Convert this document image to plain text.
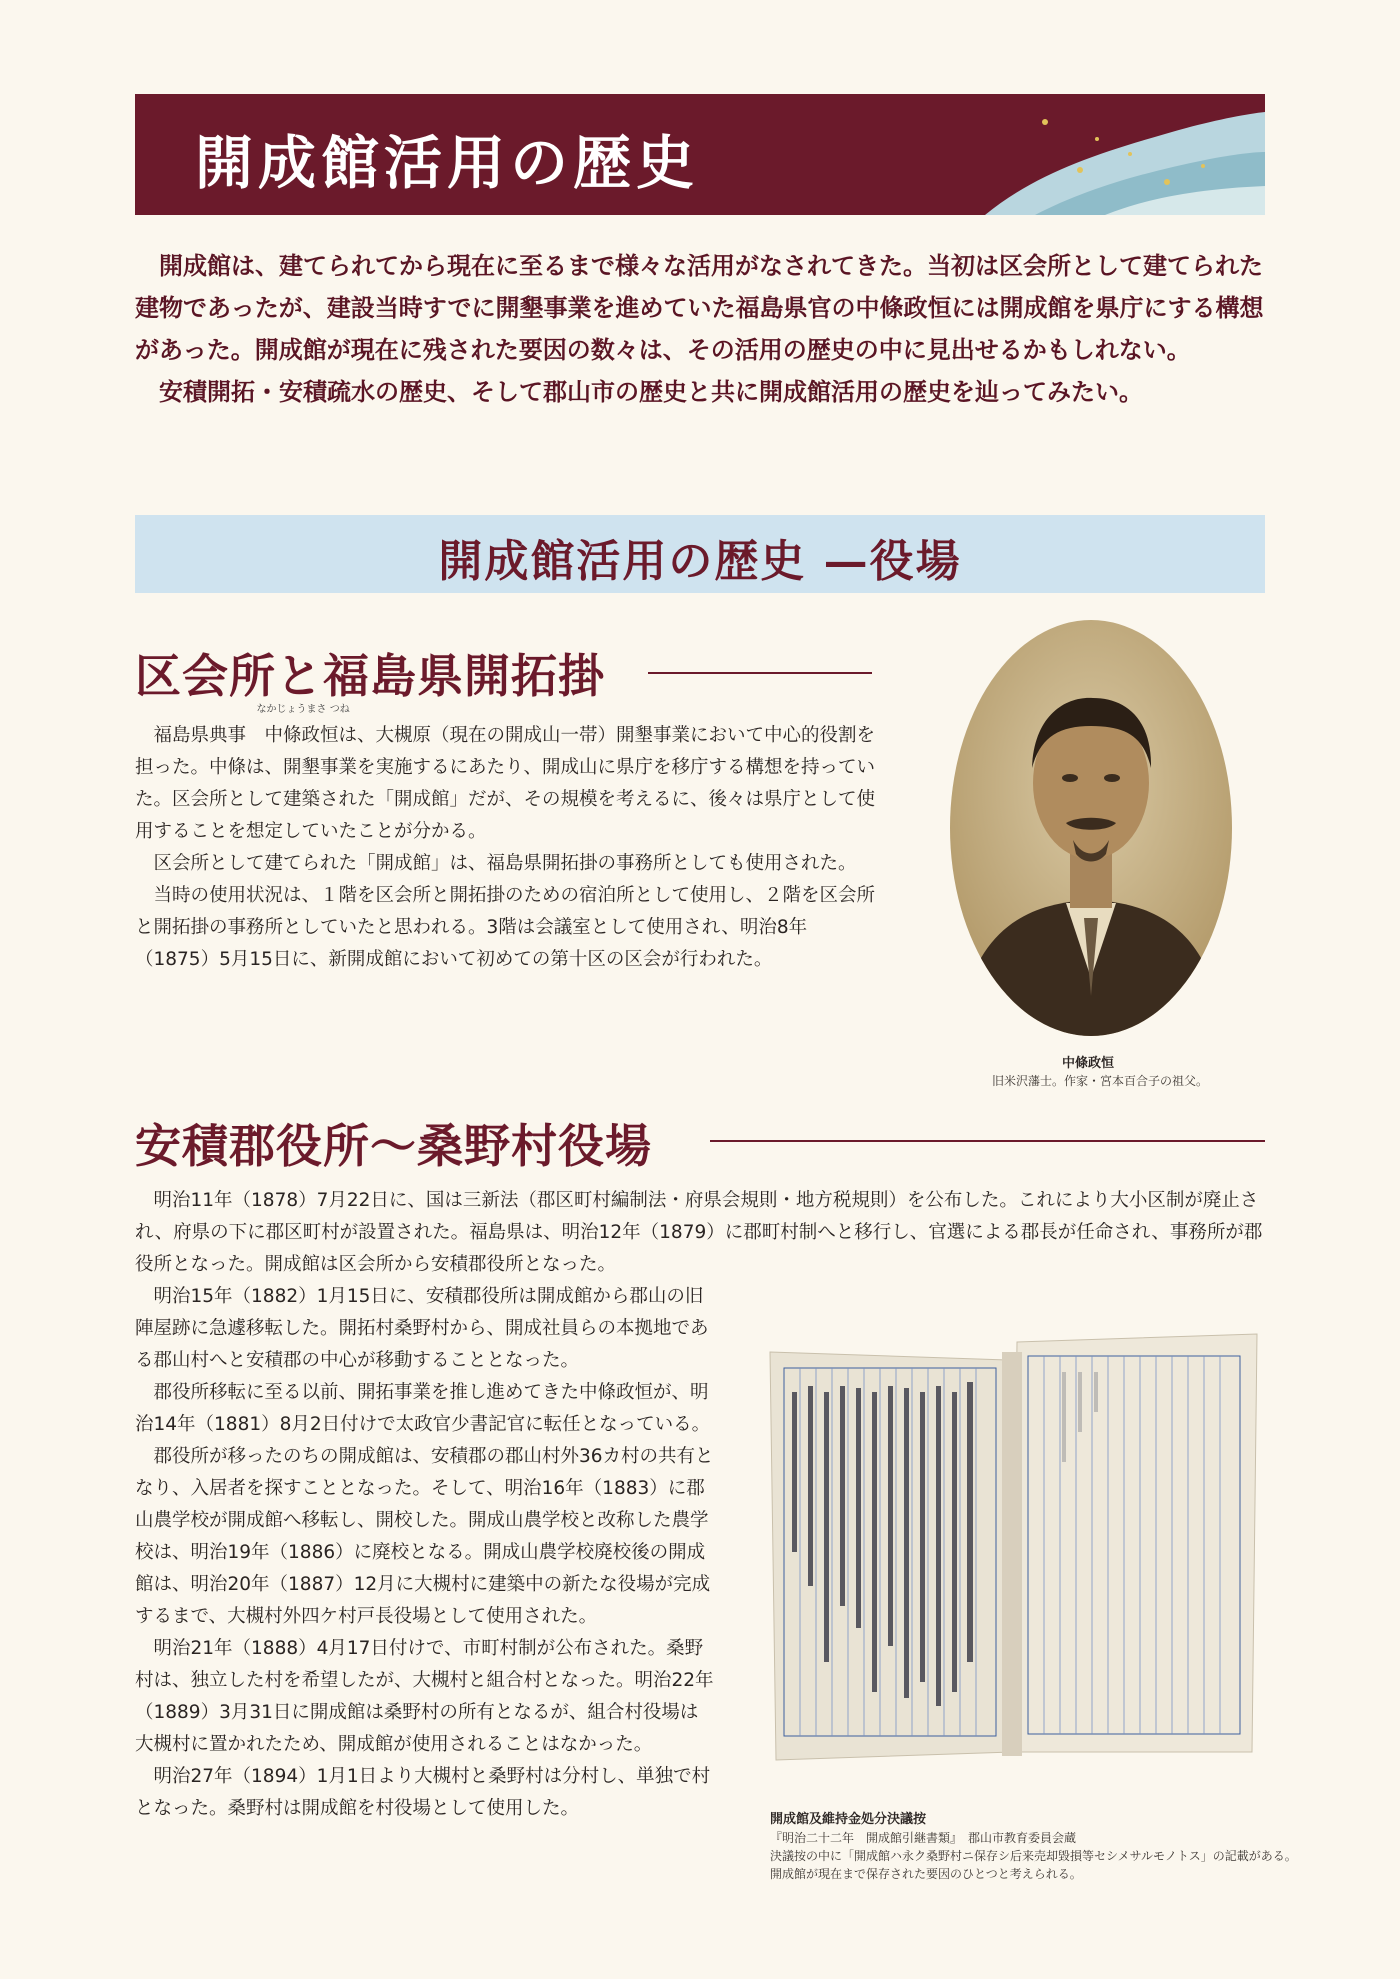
開成館活用の歴史

開成館は、建てられてから現在に至るまで様々な活用がなされてきた。当初は区会所として建てられた建物であったが、建設当時すでに開墾事業を進めていた福島県官の中條政恒には開成館を県庁にする構想があった。開成館が現在に残された要因の数々は、その活用の歴史の中に見出せるかもしれない。

安積開拓・安積疏水の歴史、そして郡山市の歴史と共に開成館活用の歴史を辿ってみたい。

開成館活用の歴史 —役場
区会所と福島県開拓掛

福島県典事
なかじょうまさ つね
中條政恒は、大槻原（現在の開成山一帯）開墾事業において中心的役割を担った。中條は、開墾事業を実施するにあたり、開成山に県庁を移庁する構想を持っていた。区会所として建築された「開成館」だが、その規模を考えるに、後々は県庁として使用することを想定していたことが分かる。

区会所として建てられた「開成館」は、福島県開拓掛の事務所としても使用された。

当時の使用状況は、１階を区会所と開拓掛のための宿泊所として使用し、２階を区会所と開拓掛の事務所としていたと思われる。3階は会議室として使用され、明治8年（1875）5月15日に、新開成館において初めての第十区の区会が行われた。

中條政恒
旧米沢藩士。作家・宮本百合子の祖父。
安積郡役所～桑野村役場

明治11年（1878）7月22日に、国は三新法（郡区町村編制法・府県会規則・地方税規則）を公布した。これにより大小区制が廃止され、府県の下に郡区町村が設置された。福島県は、明治12年（1879）に郡町村制へと移行し、官選による郡長が任命され、事務所が郡役所となった。開成館は区会所から安積郡役所となった。

明治15年（1882）1月15日に、安積郡役所は開成館から郡山の旧陣屋跡に急遽移転した。開拓村桑野村から、開成社員らの本拠地である郡山村へと安積郡の中心が移動することとなった。

郡役所移転に至る以前、開拓事業を推し進めてきた中條政恒が、明治14年（1881）8月2日付けで太政官少書記官に転任となっている。

郡役所が移ったのちの開成館は、安積郡の郡山村外36カ村の共有となり、入居者を探すこととなった。そして、明治16年（1883）に郡山農学校が開成館へ移転し、開校した。開成山農学校と改称した農学校は、明治19年（1886）に廃校となる。開成山農学校廃校後の開成館は、明治20年（1887）12月に大槻村に建築中の新たな役場が完成するまで、大槻村外四ケ村戸長役場として使用された。

明治21年（1888）4月17日付けで、市町村制が公布された。桑野村は、独立した村を希望したが、大槻村と組合村となった。明治22年（1889）3月31日に開成館は桑野村の所有となるが、組合村役場は大槻村に置かれたため、開成館が使用されることはなかった。

明治27年（1894）1月1日より大槻村と桑野村は分村し、単独で村となった。桑野村は開成館を村役場として使用した。

開成館及維持金処分決議按
『明治二十二年　開成館引継書類』　郡山市教育委員会蔵
決議按の中に「開成館ハ永ク桑野村ニ保存シ后来売却毀損等セシメサルモノトス」の記載がある。
開成館が現在まで保存された要因のひとつと考えられる。
